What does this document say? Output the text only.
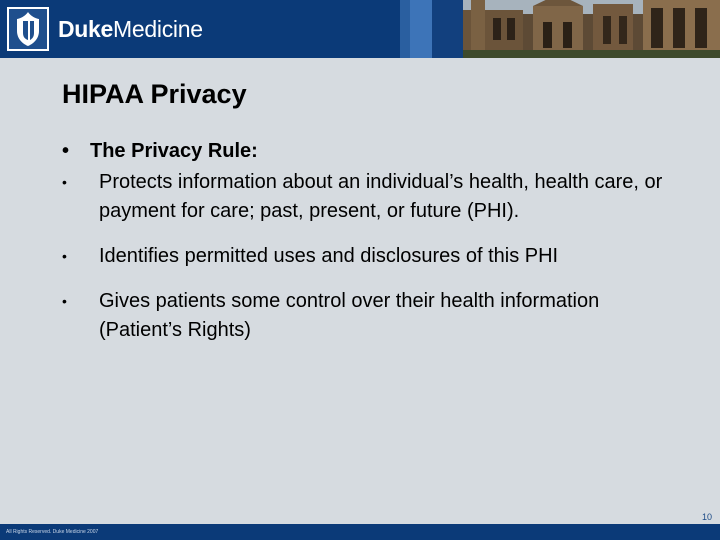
DukeMedicine
HIPAA Privacy
• The Privacy Rule:
• Protects information about an individual’s health, health care, or payment for care; past, present, or future (PHI).
• Identifies permitted uses and disclosures of this PHI
• Gives patients some control over their health information (Patient’s Rights)
10
All Rights Reserved. Duke Medicine 2007
